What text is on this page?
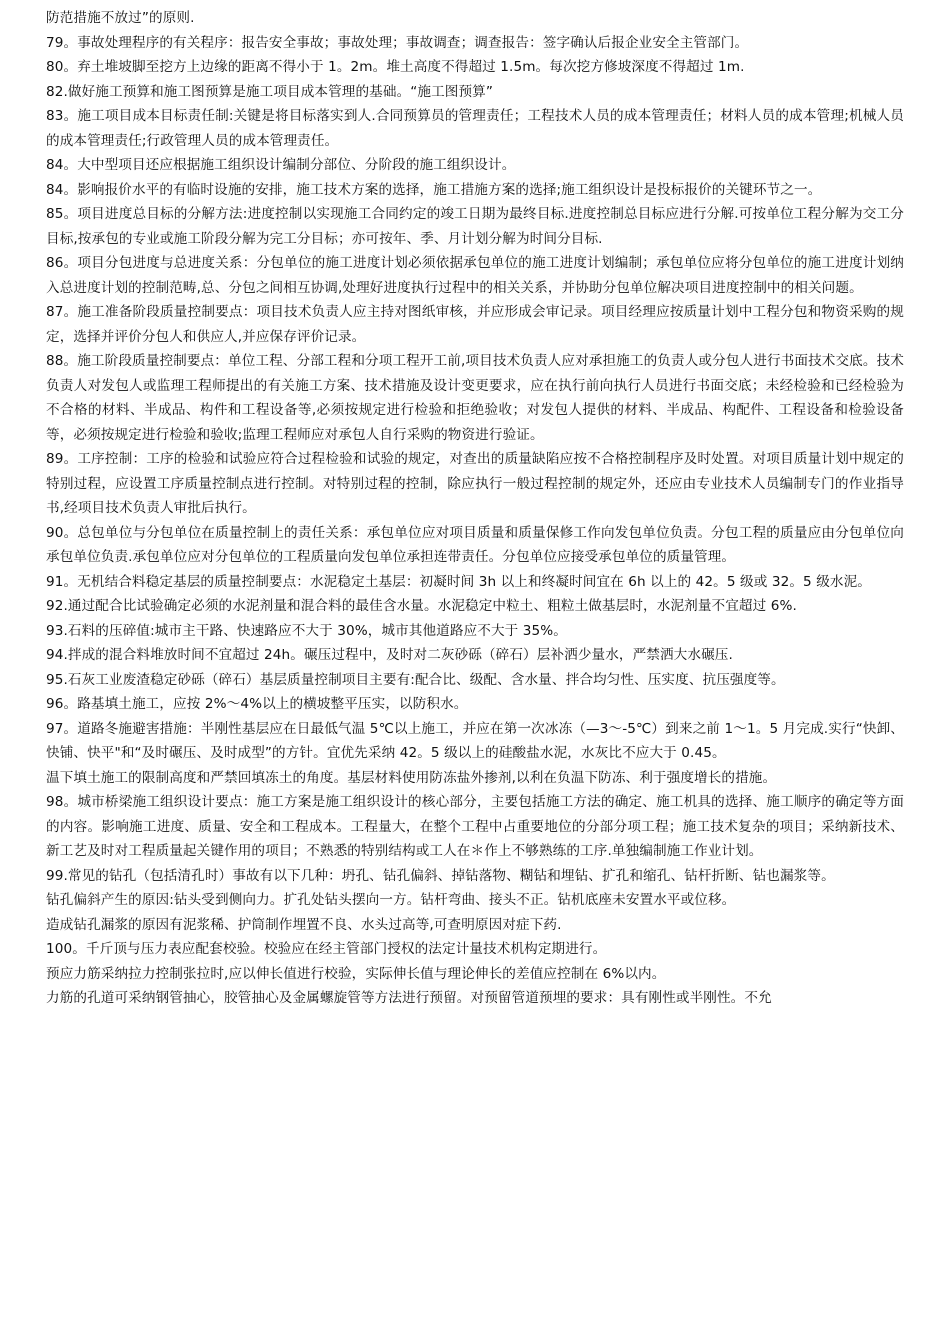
防范措施不放过”的原则.

79。事故处理程序的有关程序：报告安全事故；事故处理；事故调查；调查报告：签字确认后报企业安全主管部门。

80。弃土堆坡脚至挖方上边缘的距离不得小于 1。2m。堆土高度不得超过 1.5m。每次挖方修坡深度不得超过 1m.

82.做好施工预算和施工图预算是施工项目成本管理的基础。“施工图预算”

83。施工项目成本目标责任制:关键是将目标落实到人.合同预算员的管理责任；工程技术人员的成本管理责任；材料人员的成本管理;机械人员的成本管理责任;行政管理人员的成本管理责任。

84。大中型项目还应根据施工组织设计编制分部位、分阶段的施工组织设计。

84。影响报价水平的有临时设施的安排，施工技术方案的选择，施工措施方案的选择;施工组织设计是投标报价的关键环节之一。

85。项目进度总目标的分解方法:进度控制以实现施工合同约定的竣工日期为最终目标.进度控制总目标应进行分解.可按单位工程分解为交工分目标,按承包的专业或施工阶段分解为完工分目标；亦可按年、季、月计划分解为时间分目标.

86。项目分包进度与总进度关系：分包单位的施工进度计划必须依据承包单位的施工进度计划编制；承包单位应将分包单位的施工进度计划纳入总进度计划的控制范畴,总、分包之间相互协调,处理好进度执行过程中的相关关系，并协助分包单位解决项目进度控制中的相关问题。

87。施工准备阶段质量控制要点：项目技术负责人应主持对图纸审核，并应形成会审记录。项目经理应按质量计划中工程分包和物资采购的规定，选择并评价分包人和供应人,并应保存评价记录。

88。施工阶段质量控制要点：单位工程、分部工程和分项工程开工前,项目技术负责人应对承担施工的负责人或分包人进行书面技术交底。技术负责人对发包人或监理工程师提出的有关施工方案、技术措施及设计变更要求，应在执行前向执行人员进行书面交底；未经检验和已经检验为不合格的材料、半成品、构件和工程设备等,必须按规定进行检验和拒绝验收；对发包人提供的材料、半成品、构配件、工程设备和检验设备等，必须按规定进行检验和验收;监理工程师应对承包人自行采购的物资进行验证。

89。工序控制：工序的检验和试验应符合过程检验和试验的规定，对查出的质量缺陷应按不合格控制程序及时处置。对项目质量计划中规定的特别过程，应设置工序质量控制点进行控制。对特别过程的控制，除应执行一般过程控制的规定外，还应由专业技术人员编制专门的作业指导书,经项目技术负责人审批后执行。

90。总包单位与分包单位在质量控制上的责任关系：承包单位应对项目质量和质量保修工作向发包单位负责。分包工程的质量应由分包单位向承包单位负责.承包单位应对分包单位的工程质量向发包单位承担连带责任。分包单位应接受承包单位的质量管理。

91。无机结合料稳定基层的质量控制要点：水泥稳定土基层：初凝时间 3h 以上和终凝时间宜在 6h 以上的 42。5 级或 32。5 级水泥。

92.通过配合比试验确定必须的水泥剂量和混合料的最佳含水量。水泥稳定中粒土、粗粒土做基层时，水泥剂量不宜超过 6%.

93.石料的压碎值:城市主干路、快速路应不大于 30%，城市其他道路应不大于 35%。

94.拌成的混合料堆放时间不宜超过 24h。碾压过程中，及时对二灰砂砾（碎石）层补洒少量水，严禁洒大水碾压.

95.石灰工业废渣稳定砂砾（碎石）基层质量控制项目主要有:配合比、级配、含水量、拌合均匀性、压实度、抗压强度等。

96。路基填土施工，应按 2%～4%以上的横坡整平压实，以防积水。

97。道路冬施避害措施：半刚性基层应在日最低气温 5℃以上施工，并应在第一次冰冻（—3～-5℃）到来之前 1～1。5 月完成.实行“快卸、快铺、快平"和“及时碾压、及时成型”的方针。宜优先采纳 42。5 级以上的硅酸盐水泥，水灰比不应大于 0.45。

温下填土施工的限制高度和严禁回填冻土的角度。基层材料使用防冻盐外掺剂,以利在负温下防冻、利于强度增长的措施。

98。城市桥梁施工组织设计要点：施工方案是施工组织设计的核心部分，主要包括施工方法的确定、施工机具的选择、施工顺序的确定等方面的内容。影响施工进度、质量、安全和工程成本。工程量大，在整个工程中占重要地位的分部分项工程；施工技术复杂的项目；采纳新技术、新工艺及时对工程质量起关键作用的项目；不熟悉的特别结构或工人在＊作上不够熟练的工序.单独编制施工作业计划。

99.常见的钻孔（包括清孔时）事故有以下几种：坍孔、钻孔偏斜、掉钻落物、糊钻和埋钻、扩孔和缩孔、钻杆折断、钻也漏浆等。

钻孔偏斜产生的原因:钻头受到侧向力。扩孔处钻头摆向一方。钻杆弯曲、接头不正。钻机底座未安置水平或位移。

造成钻孔漏浆的原因有泥浆稀、护筒制作埋置不良、水头过高等,可查明原因对症下药.

100。千斤顶与压力表应配套校验。校验应在经主管部门授权的法定计量技术机构定期进行。

预应力筋采纳拉力控制张拉时,应以伸长值进行校验，实际伸长值与理论伸长的差值应控制在 6%以内。

力筋的孔道可采纳钢管抽心，胶管抽心及金属螺旋管等方法进行预留。对预留管道预埋的要求：具有刚性或半刚性。不允
